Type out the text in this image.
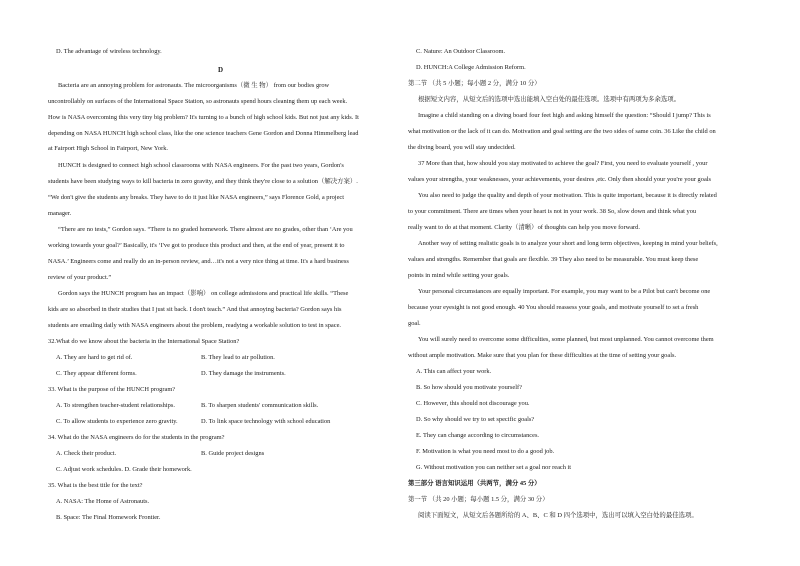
D. The advantage of wireless technology.
D
Bacteria are an annoying problem for astronauts. The microorganisms（微 生 物） from our bodies grow
uncontrollably on surfaces of the International Space Station, so astronauts spend hours cleaning them up each week.
How is NASA overcoming this very tiny big problem? It's turning to a bunch of high school kids. But not just any kids. It
depending on NASA HUNCH high school class, like the one science teachers Gene Gordon and Donna Himmelberg lead
at Fairport High School in Fairport, New York.
HUNCH is designed to connect high school classrooms with NASA engineers. For the past two years, Gordon's
students have been studying ways to kill bacteria in zero gravity, and they think they're close to a solution（解决方案）.
“We don't give the students any breaks. They have to do it just like NASA engineers,” says Florence Gold, a project
manager.
“There are no tests,” Gordon says. “There is no graded homework. There almost are no grades, other than ‘Are you
working towards your goal?’ Basically, it's ‘I've got to produce this product and then, at the end of year, present it to
NASA.’ Engineers come and really do an in-person review, and…it's not a very nice thing at time. It's a hard business
review of your product.”
Gordon says the HUNCH program has an impact（影响） on college admissions and practical life skills. “These
kids are so absorbed in their studies that I just sit back. I don't teach.” And that annoying bacteria? Gordon says his
students are emailing daily with NASA engineers about the problem, readying a workable solution to test in space.
32.What do we know about the bacteria in the International Space Station?
A. They are hard to get rid of.	B. They lead to air pollution.
C. They appear different forms.	D. They damage the instruments.
33. What is the purpose of the HUNCH program?
A. To strengthen teacher-student relationships.	B. To sharpen students' communication skills.
C. To allow students to experience zero gravity.	D. To link space technology with school education
34. What do the NASA engineers do for the students in the program?
A. Check their product.	B. Guide project designs
C. Adjust work schedules. D. Grade their homework.
35. What is the best title for the text?
A. NASA: The Home of Astronauts.
B. Space: The Final Homework Frontier.
C. Nature: An Outdoor Classroom.
D. HUNCH:A College Admission Reform.
第二节 （共 5 小题；每小题 2 分，满分 10 分）
根据短文内容，从短文后的选项中选出能填入空白处的最佳选项。选项中有两项为多余选项。
Imagine a child standing on a diving board four feet high and asking himself the question: “Should I jump? This is
what motivation or the lack of it can do. Motivation and goal setting are the two sides of same coin. 36 Like the child on
the diving board, you will stay undecided.
37 More than that, how should you stay motivated to achieve the goal? First, you need to evaluate yourself , your
values your strengths, your weaknesses, your achievements, your desires ,etc. Only then should your you're your goals
You also need to judge the quality and depth of your motivation. This is quite important, because it is directly related
to your commitment. There are times when your heart is not in your work. 38 So, slow down and think what you
really want to do at that moment. Clarity（清晰）of thoughts can help you move forward.
Another way of setting realistic goals is to analyze your short and long term objectives, keeping in mind your beliefs,
values and strengths. Remember that goals are flexible. 39 They also need to be measurable. You must keep these
points in mind while setting your goals.
Your personal circumstances are equally important. For example, you may want to be a Pilot but can't become one
because your eyesight is not good enough. 40 You should reassess your goals, and motivate yourself to set a fresh
goal.
You will surely need to overcome some difficulties, some planned, but most unplanned. You cannot overcome them
without ample motivation. Make sure that you plan for these difficulties at the time of setting your goals.
A. This can affect your work.
B. So how should you motivate yourself?
C. However, this should not discourage you.
D. So why should we try to set specific goals?
E. They can change according to circumstances.
F. Motivation is what you need most to do a good job.
G. Without motivation you can neither set a goal nor reach it
第三部分 语言知识运用（共两节，满分 45 分）
第一节 （共 20 小题；每小题 1.5 分，满分 30 分）
阅读下面短文，从短文后各题所给的 A、B、C 和 D 四个选项中，选出可以填入空白处的最佳选项。
